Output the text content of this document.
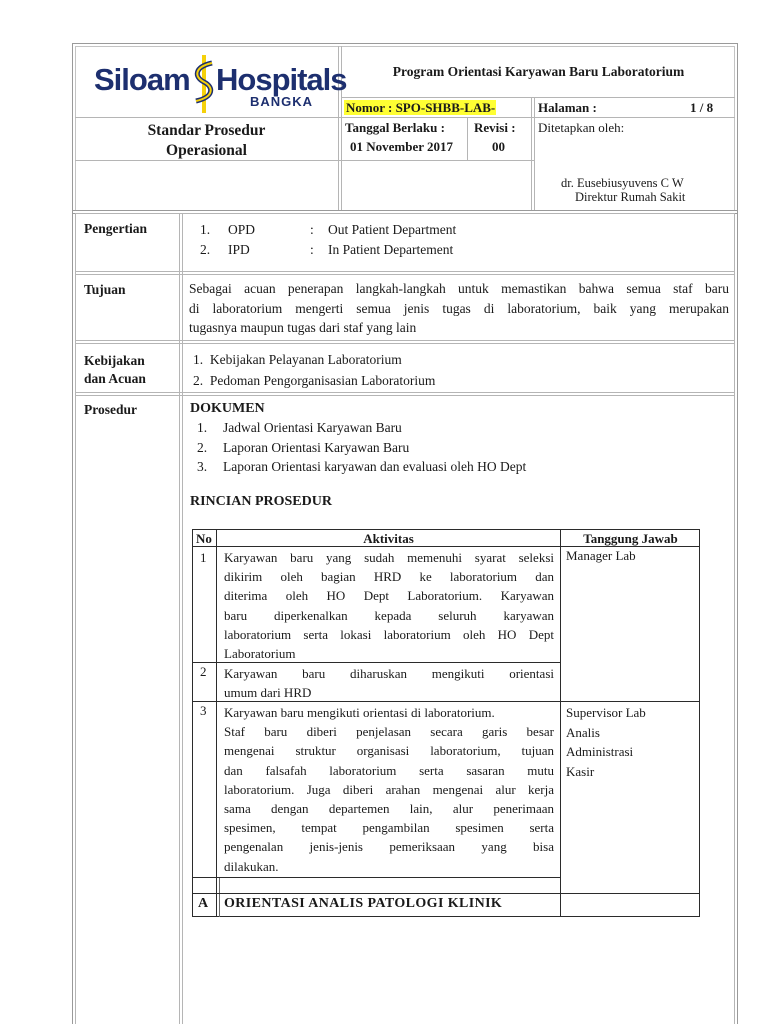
Siloam Hospitals
BANGKA
Program Orientasi Karyawan Baru Laboratorium
Nomor : SPO-SHBB-LAB-	Halaman :	1 / 8
Standar Prosedur
Operasional
Tanggal Berlaku :
01 November 2017
Revisi :
00
Ditetapkan oleh:
dr. Eusebiusyuvens C W
Direktur Rumah Sakit
Pengertian	1. OPD	: Out Patient Department
2. IPD	: In Patient Departement
Tujuan	Sebagai acuan penerapan langkah-langkah untuk memastikan bahwa semua staf baru
di laboratorium mengerti semua jenis tugas di laboratorium, baik yang merupakan
tugasnya maupun tugas dari staf yang lain
Kebijakan
dan Acuan
1.  Kebijakan Pelayanan Laboratorium
2.  Pedoman Pengorganisasian Laboratorium
Prosedur	DOKUMEN
1. Jadwal Orientasi Karyawan Baru
2. Laporan Orientasi Karyawan Baru
3. Laporan Orientasi karyawan dan evaluasi oleh HO Dept
RINCIAN PROSEDUR
No	Aktivitas	Tanggung Jawab
1 Karyawan baru yang sudah memenuhi syarat seleksi
dikirim oleh bagian HRD ke laboratorium dan
diterima oleh HO Dept Laboratorium. Karyawan
baru diperkenalkan kepada seluruh karyawan
laboratorium serta lokasi laboratorium oleh HO Dept
Laboratorium
Manager Lab
2 Karyawan baru diharuskan mengikuti orientasi
umum dari HRD
3 Karyawan baru mengikuti orientasi di laboratorium.
Staf baru diberi penjelasan secara garis besar
mengenai struktur organisasi laboratorium, tujuan
dan falsafah laboratorium serta sasaran mutu
laboratorium. Juga diberi arahan mengenai alur kerja
sama dengan departemen lain, alur penerimaan
spesimen, tempat pengambilan spesimen serta
pengenalan jenis-jenis pemeriksaan yang bisa
dilakukan.
Supervisor Lab
Analis
Administrasi
Kasir
A ORIENTASI ANALIS PATOLOGI KLINIK
